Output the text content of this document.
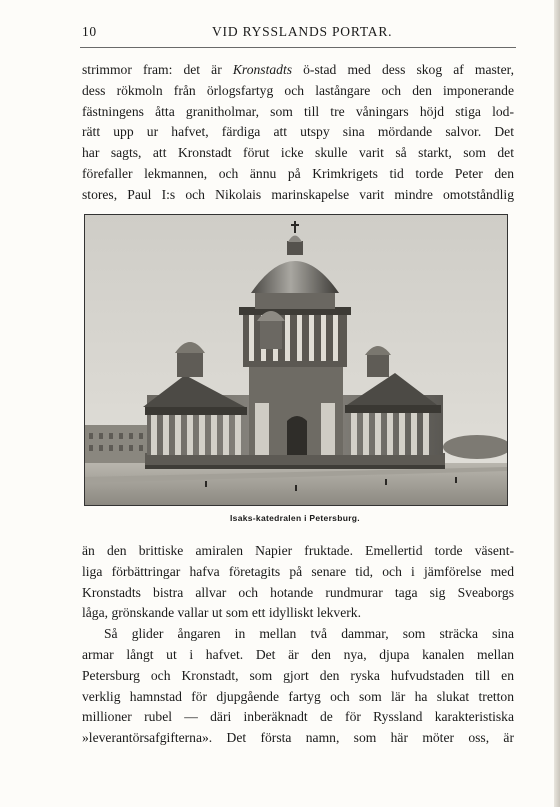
10	VID RYSSLANDS PORTAR.
strimmor fram: det är Kronstadts ö-stad med dess skog af master,
dess rökmoln från örlogsfartyg och lastångare och den imponerande
fästningens åtta granitholmar, som till tre våningars höjd stiga lod-
rätt upp ur hafvet, färdiga att utspy sina mördande salvor. Det
har sagts, att Kronstadt förut icke skulle varit så starkt, som det
förefaller lekmannen, och ännu på Krimkrigets tid torde Peter den
stores, Paul I:s och Nikolais marinskapelse varit mindre omotståndlig
Isaks-katedralen i Petersburg.
än den brittiske amiralen Napier fruktade. Emellertid torde väsent-
liga förbättringar hafva företagits på senare tid, och i jämförelse med
Kronstadts bistra allvar och hotande rundmurar taga sig Sveaborgs
låga, grönskande vallar ut som ett idylliskt lekverk.
Så glider ångaren in mellan två dammar, som sträcka sina
armar långt ut i hafvet. Det är den nya, djupa kanalen mellan
Petersburg och Kronstadt, som gjort den ryska hufvudstaden till en
verklig hamnstad för djupgående fartyg och som lär ha slukat tretton
millioner rubel — däri inberäknadt de för Ryssland karakteristiska
»leverantörsafgifterna». Det första namn, som här möter oss, är
